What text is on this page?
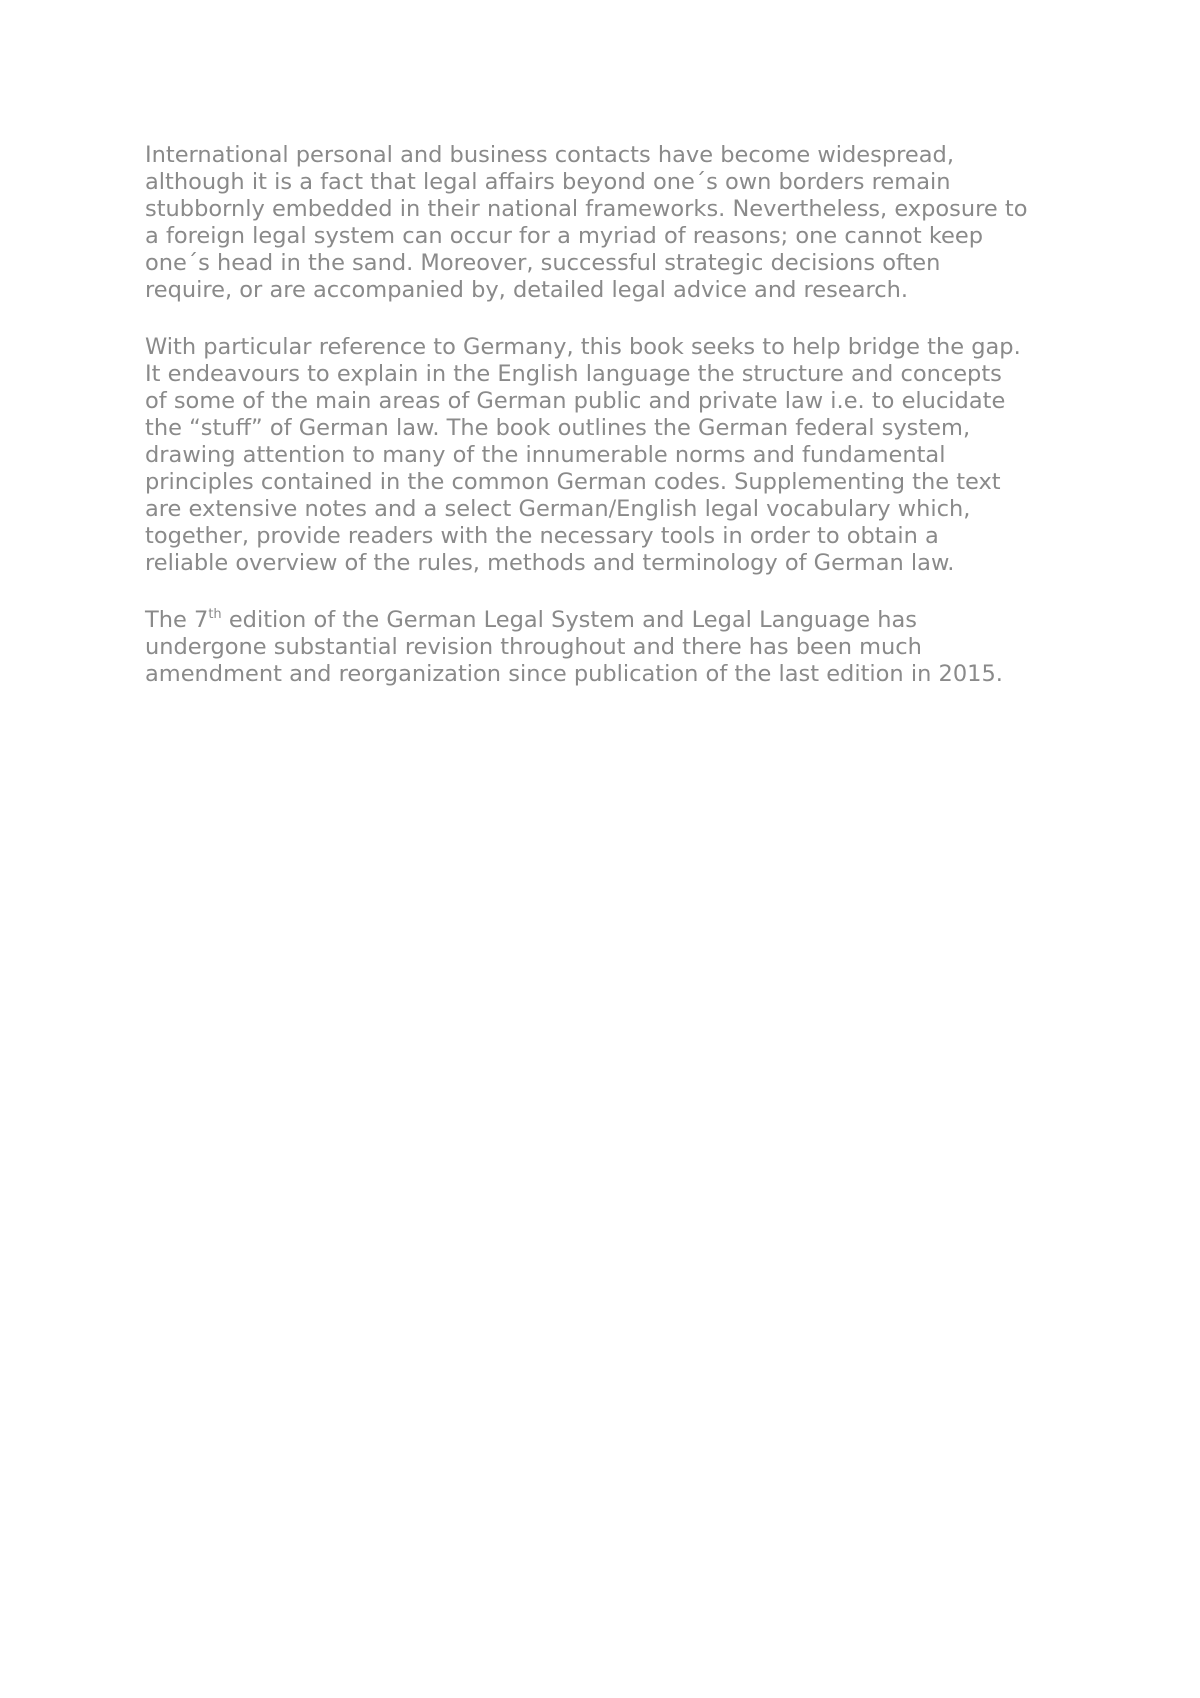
International personal and business contacts have become widespread,
although it is a fact that legal affairs beyond one´s own borders remain
stubbornly embedded in their national frameworks. Nevertheless, exposure to
a foreign legal system can occur for a myriad of reasons; one cannot keep
one´s head in the sand. Moreover, successful strategic decisions often
require, or are accompanied by, detailed legal advice and research.

With particular reference to Germany, this book seeks to help bridge the gap.
It endeavours to explain in the English language the structure and concepts
of some of the main areas of German public and private law i.e. to elucidate
the “stuff” of German law. The book outlines the German federal system,
drawing attention to many of the innumerable norms and fundamental
principles contained in the common German codes. Supplementing the text
are extensive notes and a select German/English legal vocabulary which,
together, provide readers with the necessary tools in order to obtain a
reliable overview of the rules, methods and terminology of German law.

The 7th edition of the German Legal System and Legal Language has
undergone substantial revision throughout and there has been much
amendment and reorganization since publication of the last edition in 2015.
